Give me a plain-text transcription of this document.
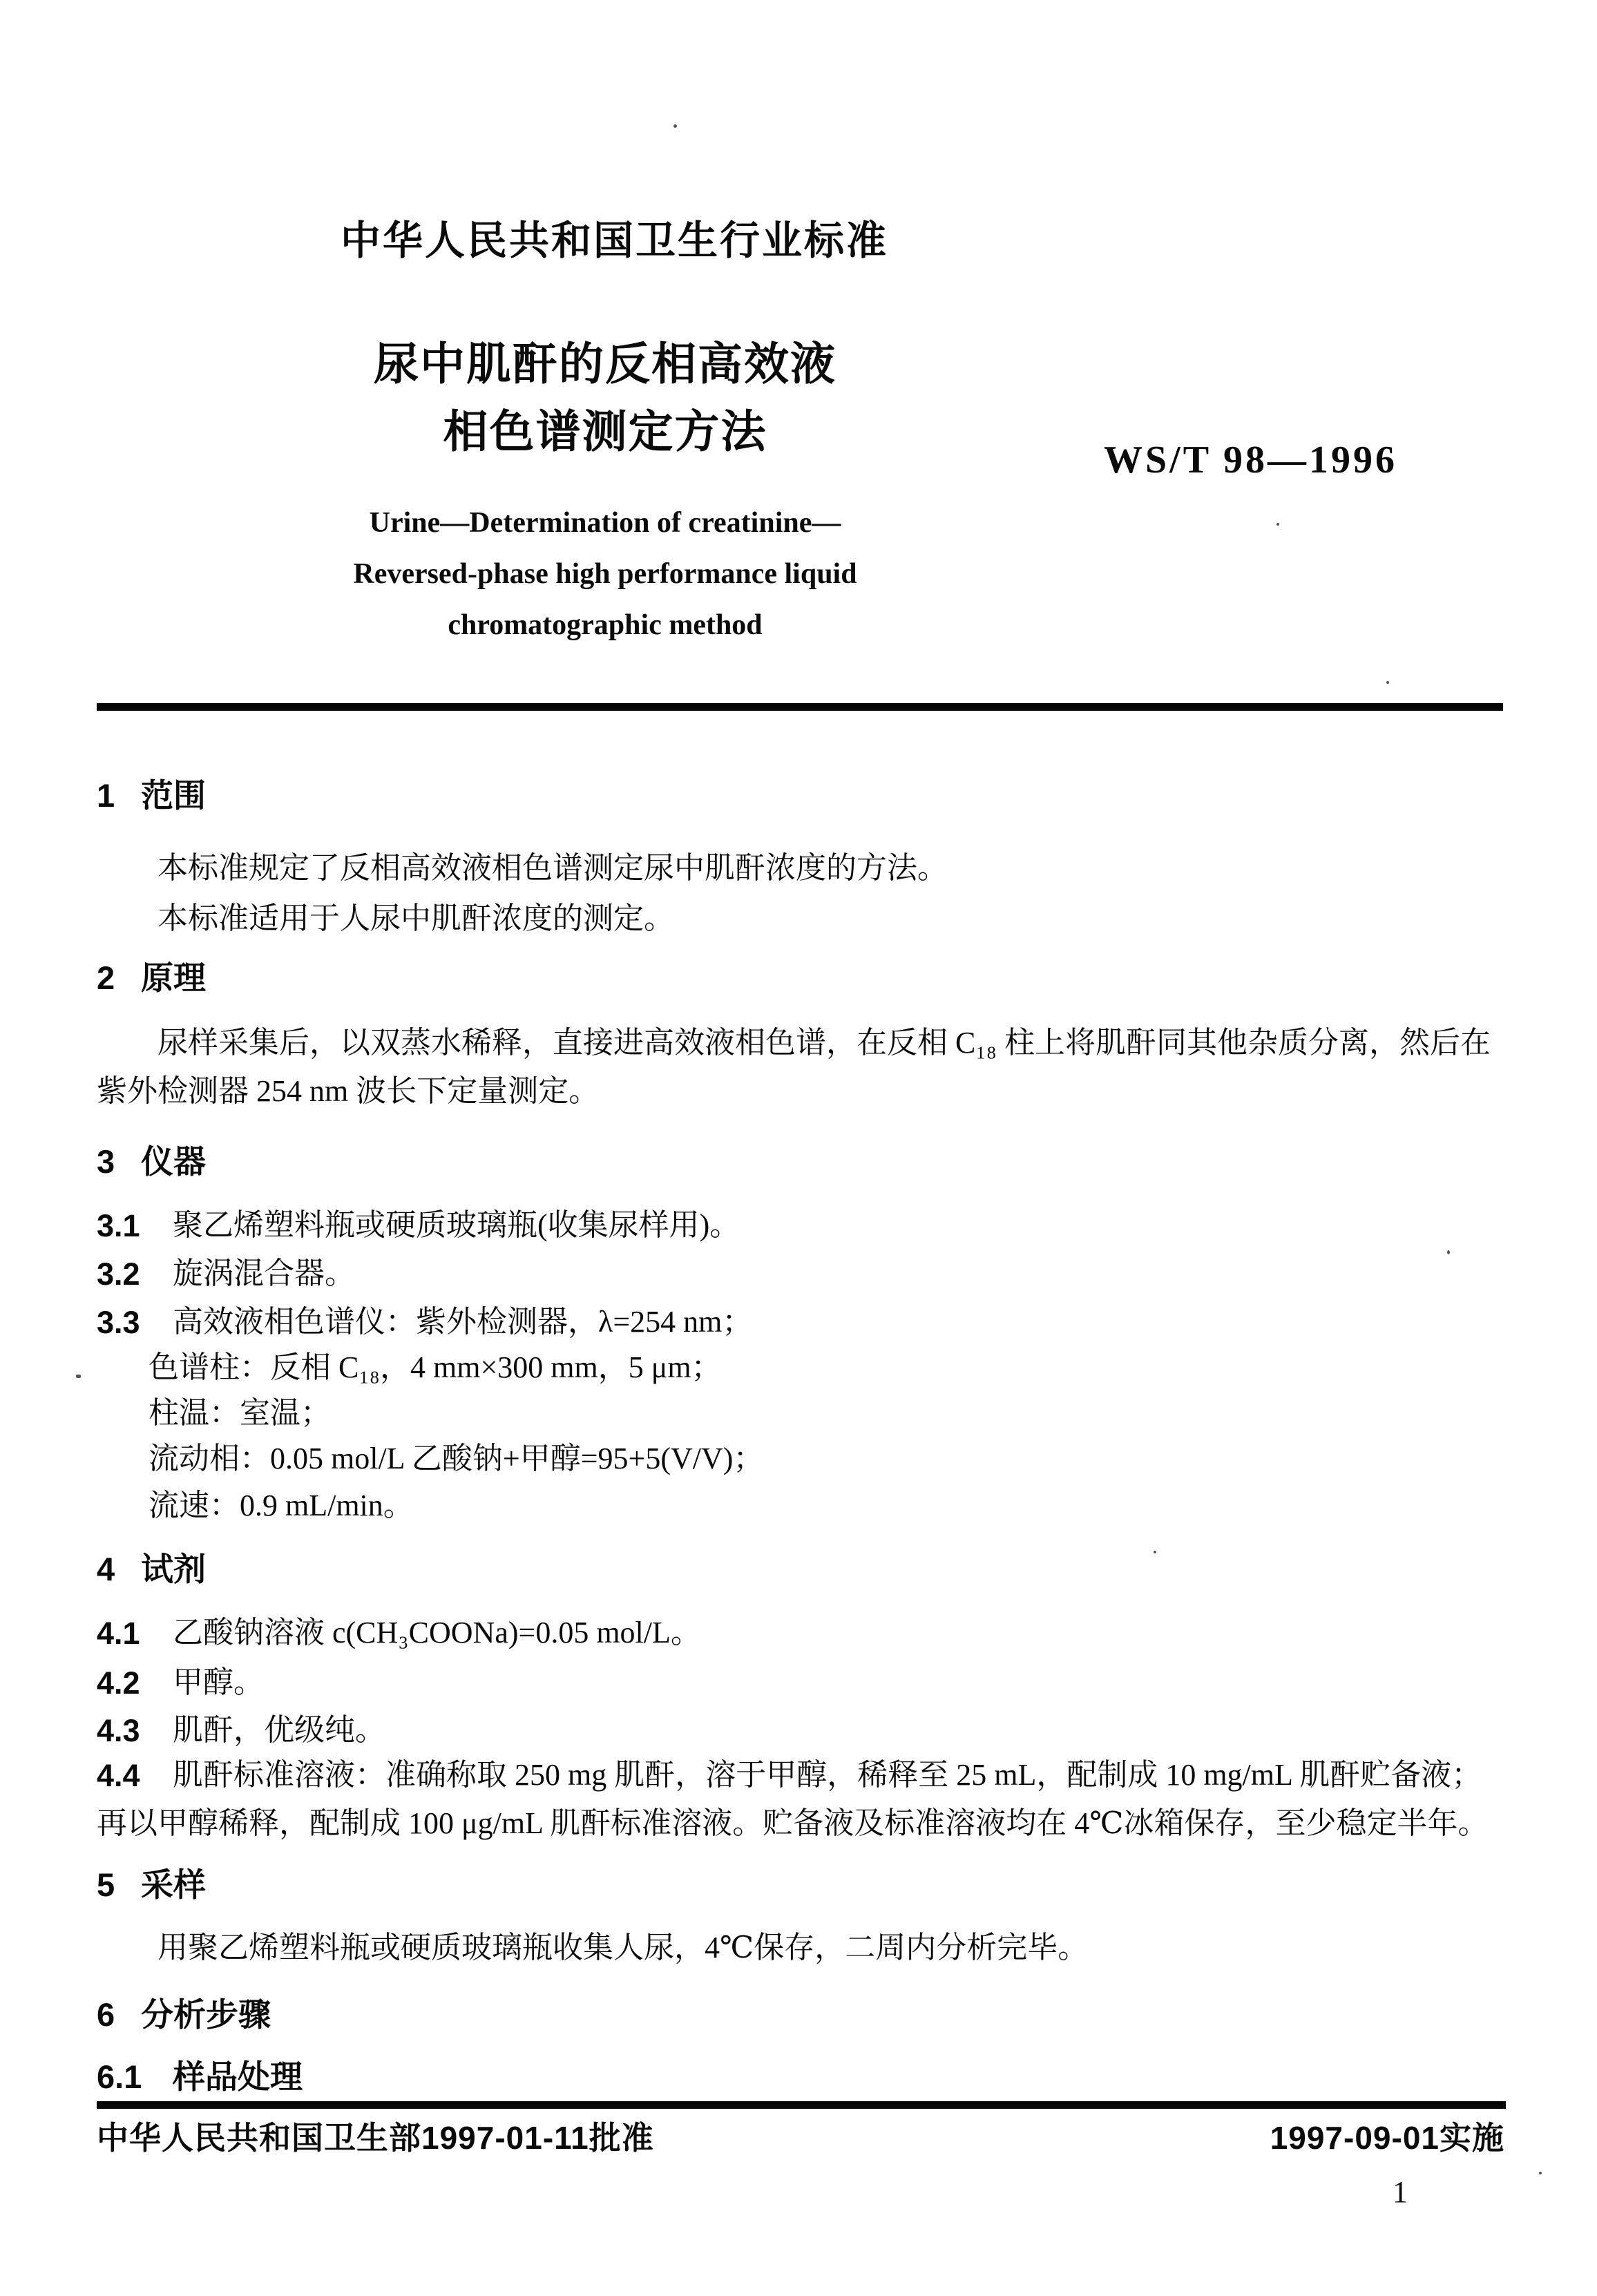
中华人民共和国卫生行业标准
尿中肌酐的反相高效液
相色谱测定方法
WS/T 98—1996
Urine—Determination of creatinine—
Reversed-phase high performance liquid
chromatographic method
1 范围
本标准规定了反相高效液相色谱测定尿中肌酐浓度的方法。
本标准适用于人尿中肌酐浓度的测定。
2 原理
尿样采集后，以双蒸水稀释，直接进高效液相色谱，在反相 C₁₈ 柱上将肌酐同其他杂质分离，然后在
紫外检测器 254 nm 波长下定量测定。
3 仪器
3.1	聚乙烯塑料瓶或硬质玻璃瓶(收集尿样用)。
3.2	旋涡混合器。
3.3	高效液相色谱仪：紫外检测器，λ=254 nm；
色谱柱：反相 C₁₈，4 mm×300 mm，5 μm；
柱温：室温；
流动相：0.05 mol/L 乙酸钠+甲醇=95+5(V/V)；
流速：0.9 mL/min。
4 试剂
4.1	乙酸钠溶液 c(CH₃COONa)=0.05 mol/L。
4.2	甲醇。
4.3	肌酐，优级纯。
4.4	肌酐标准溶液：准确称取 250 mg 肌酐，溶于甲醇，稀释至 25 mL，配制成 10 mg/mL 肌酐贮备液；
再以甲醇稀释，配制成 100 μg/mL 肌酐标准溶液。贮备液及标准溶液均在 4℃冰箱保存，至少稳定半年。
5 采样
用聚乙烯塑料瓶或硬质玻璃瓶收集人尿，4℃保存，二周内分析完毕。
6 分析步骤
6.1 样品处理
中华人民共和国卫生部1997-01-11批准	1997-09-01实施
1
